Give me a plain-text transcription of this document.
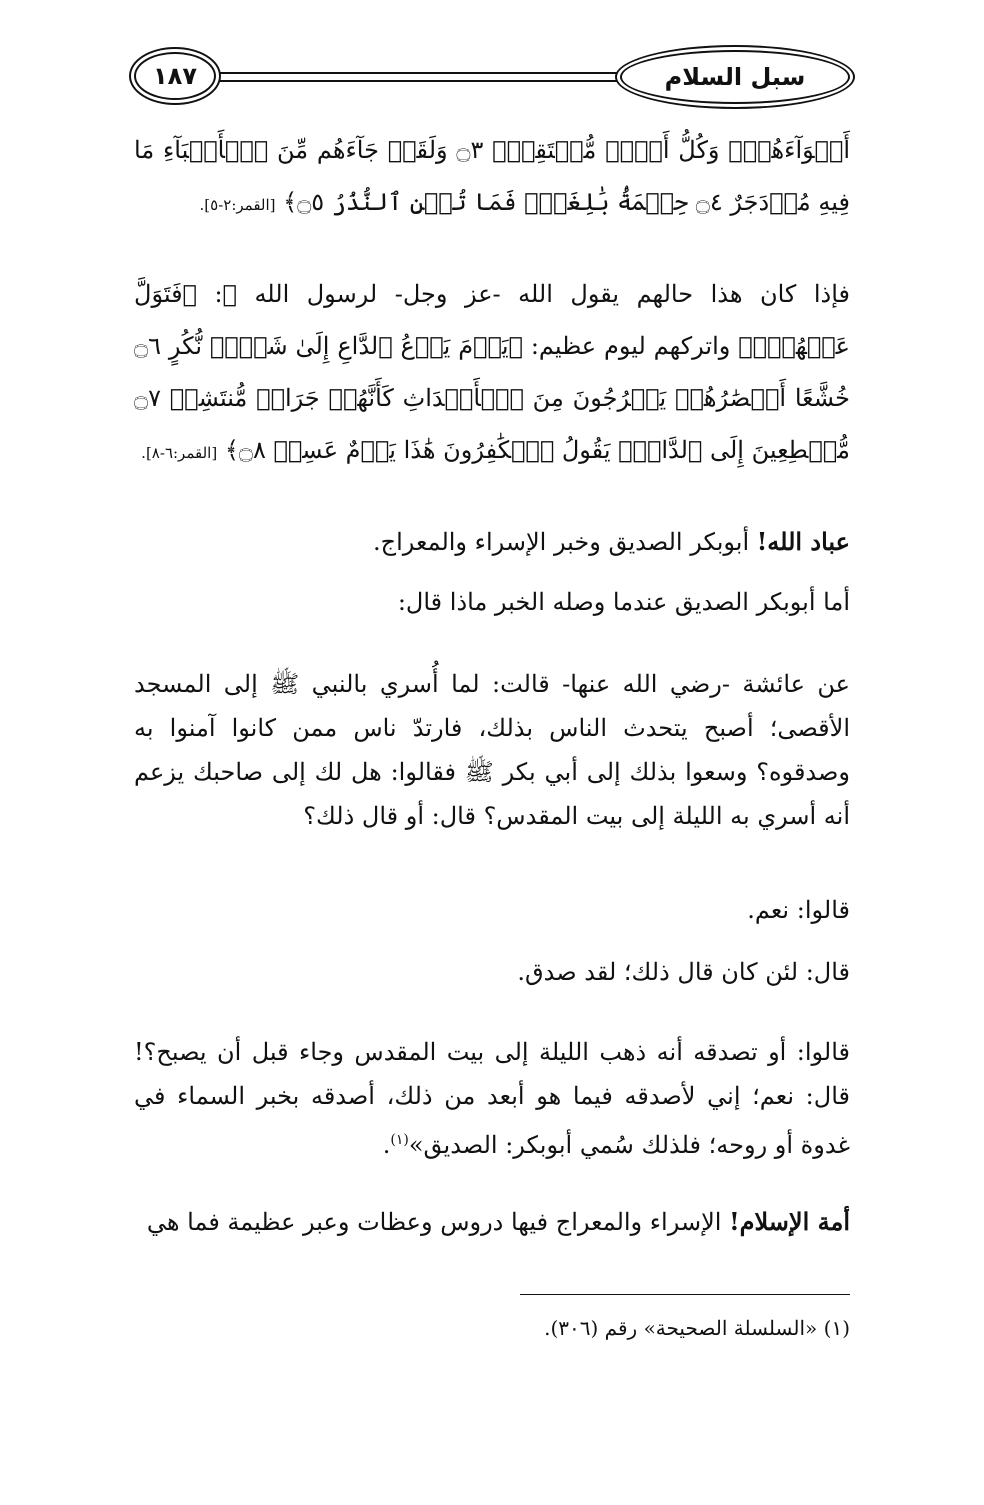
سبل السلام
١٨٧

أَهۡوَآءَهُمۡۚ وَكُلُّ أَمۡرٖ مُّسۡتَقِرّٞ ۝٣ وَلَقَدۡ جَآءَهُم مِّنَ ٱلۡأَنۢبَآءِ مَا فِيهِ مُزۡدَجَرٌ ۝٤ حِكۡمَةُۢ بَٰلِغَةٞۖ فَمَا تُغۡنِ ٱلنُّذُرُ ۝٥﴾ [القمر:٢-٥].

فإذا كان هذا حالهم يقول الله -عز وجل- لرسول الله ﷺ: ﴿فَتَوَلَّ عَنۡهُمۡۘ﴾ واتركهم ليوم عظيم: ﴿يَوۡمَ يَدۡعُ ٱلدَّاعِ إِلَىٰ شَيۡءٖ نُّكُرٍ ۝٦ خُشَّعًا أَبۡصَٰرُهُمۡ يَخۡرُجُونَ مِنَ ٱلۡأَجۡدَاثِ كَأَنَّهُمۡ جَرَادٞ مُّنتَشِرٞ ۝٧ مُّهۡطِعِينَ إِلَى ٱلدَّاعِۖ يَقُولُ ٱلۡكَٰفِرُونَ هَٰذَا يَوۡمٌ عَسِرٞ ۝٨﴾ [القمر:٦-٨].

عباد الله! أبوبكر الصديق وخبر الإسراء والمعراج.

أما أبوبكر الصديق عندما وصله الخبر ماذا قال:

عن عائشة -رضي الله عنها- قالت: لما أُسري بالنبي ﷺ إلى المسجد الأقصى؛ أصبح يتحدث الناس بذلك، فارتدّ ناس ممن كانوا آمنوا به وصدقوه؟ وسعوا بذلك إلى أبي بكر ﷺ فقالوا: هل لك إلى صاحبك يزعم أنه أسري به الليلة إلى بيت المقدس؟ قال: أو قال ذلك؟

قالوا: نعم.

قال: لئن كان قال ذلك؛ لقد صدق.

قالوا: أو تصدقه أنه ذهب الليلة إلى بيت المقدس وجاء قبل أن يصبح؟! قال: نعم؛ إني لأصدقه فيما هو أبعد من ذلك، أصدقه بخبر السماء في غدوة أو روحه؛ فلذلك سُمي أبوبكر: الصديق»$^{(١)}$.

أمة الإسلام! الإسراء والمعراج فيها دروس وعظات وعبر عظيمة فما هي

(١) «السلسلة الصحيحة» رقم (٣٠٦).
